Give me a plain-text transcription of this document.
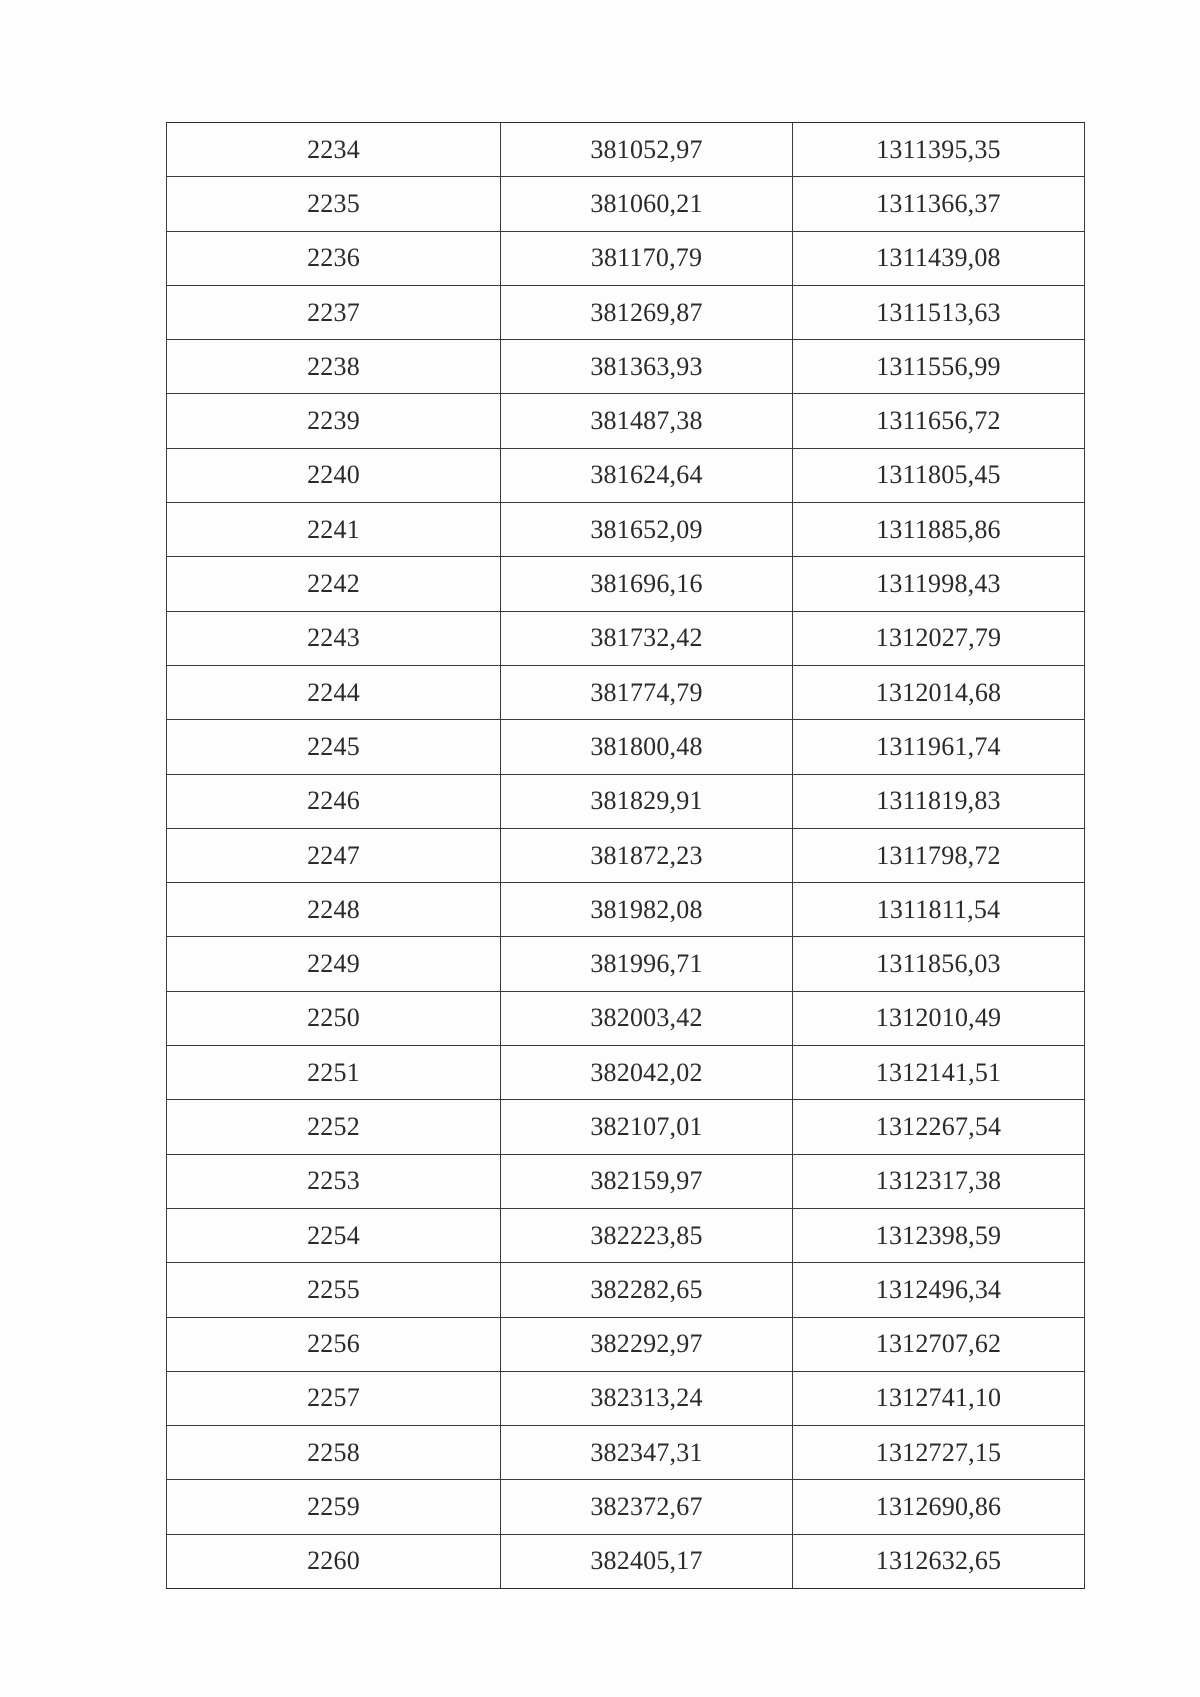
2234	381052,97	1311395,35
2235	381060,21	1311366,37
2236	381170,79	1311439,08
2237	381269,87	1311513,63
2238	381363,93	1311556,99
2239	381487,38	1311656,72
2240	381624,64	1311805,45
2241	381652,09	1311885,86
2242	381696,16	1311998,43
2243	381732,42	1312027,79
2244	381774,79	1312014,68
2245	381800,48	1311961,74
2246	381829,91	1311819,83
2247	381872,23	1311798,72
2248	381982,08	1311811,54
2249	381996,71	1311856,03
2250	382003,42	1312010,49
2251	382042,02	1312141,51
2252	382107,01	1312267,54
2253	382159,97	1312317,38
2254	382223,85	1312398,59
2255	382282,65	1312496,34
2256	382292,97	1312707,62
2257	382313,24	1312741,10
2258	382347,31	1312727,15
2259	382372,67	1312690,86
2260	382405,17	1312632,65
